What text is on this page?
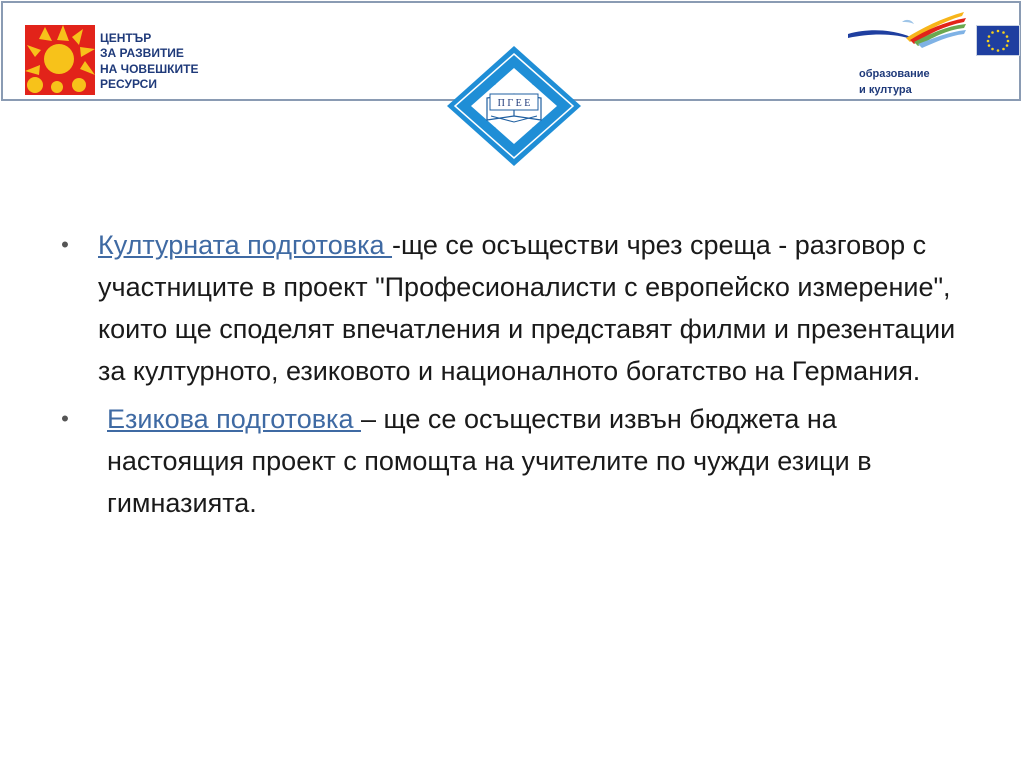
ЦЕНТЪР
ЗА РАЗВИТИЕ
НА ЧОВЕШКИТЕ
РЕСУРСИ
образование
и култура
П Г Е Е
• Културната подготовка -ще се осъществи чрез среща - разговор с участниците в проект "Професионалисти с европейско измерение", които ще споделят впечатления и представят филми и презентации за културното, езиковото и националното богатство на Германия.
•	Езикова подготовка – ще се осъществи извън бюджета на настоящия проект с помощта на учителите по чужди езици в гимназията.
